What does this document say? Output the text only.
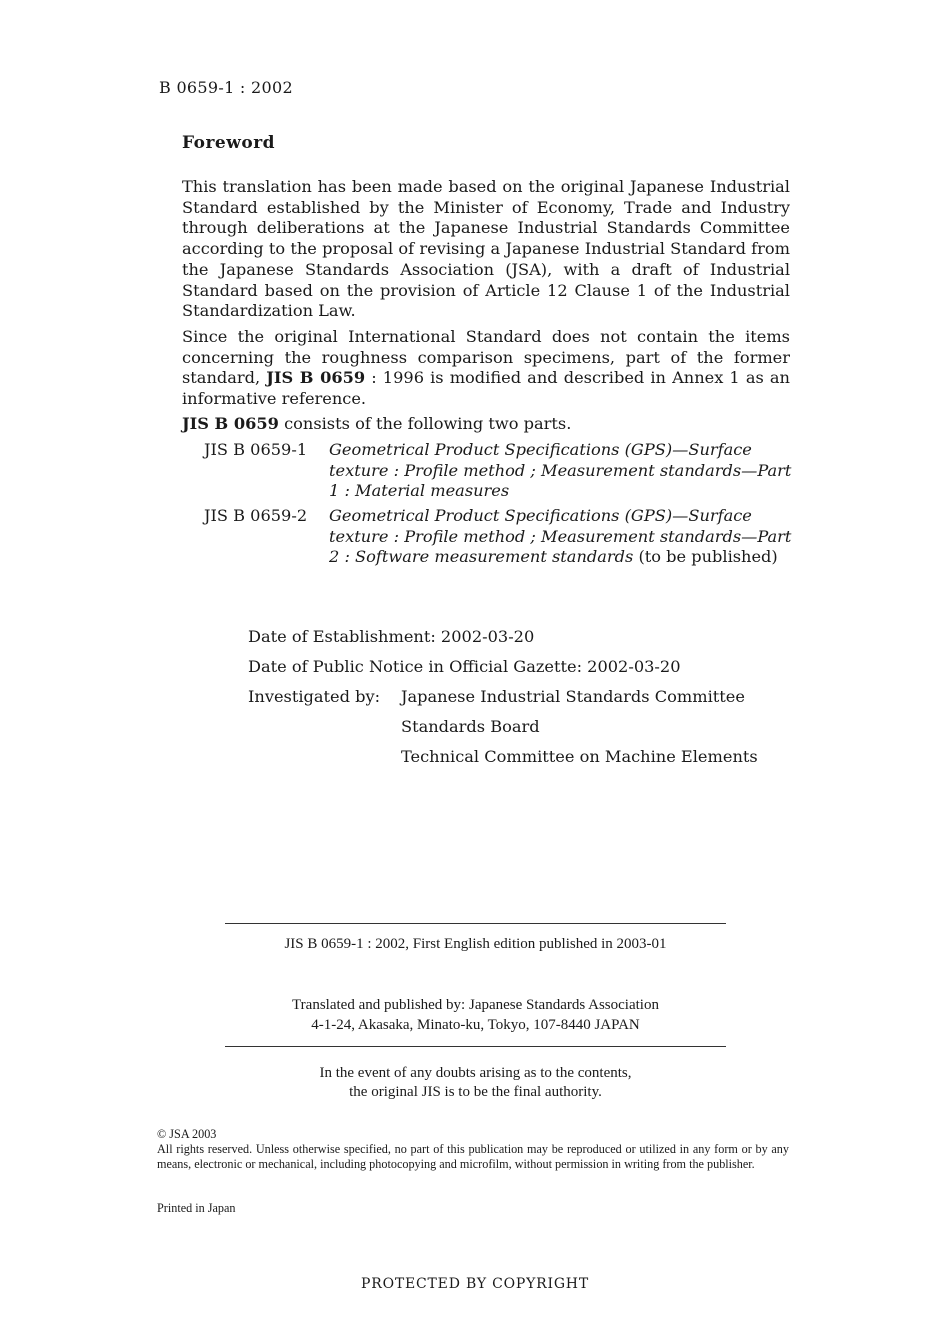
B 0659-1 : 2002
Foreword
This translation has been made based on the original Japanese Industrial Standard established by the Minister of Economy, Trade and Industry through deliberations at the Japanese Industrial Standards Committee according to the proposal of revising a Japanese Industrial Standard from the Japanese Standards Association (JSA), with a draft of Industrial Standard based on the provision of Article 12 Clause 1 of the Industrial Standardization Law.
Since the original International Standard does not contain the items concerning the roughness comparison specimens, part of the former standard, JIS B 0659 : 1996 is modified and described in Annex 1 as an informative reference.
JIS B 0659 consists of the following two parts.
JIS B 0659-1	Geometrical Product Specifications (GPS)—Surface texture : Profile method ; Measurement standards—Part 1 : Material measures
JIS B 0659-2	Geometrical Product Specifications (GPS)—Surface texture : Profile method ; Measurement standards—Part 2 : Software measurement standards (to be published)
Date of Establishment: 2002-03-20
Date of Public Notice in Official Gazette: 2002-03-20
Investigated by:	Japanese Industrial Standards Committee
Standards Board
Technical Committee on Machine Elements
JIS B 0659-1 : 2002, First English edition published in 2003-01
Translated and published by: Japanese Standards Association
4-1-24, Akasaka, Minato-ku, Tokyo, 107-8440 JAPAN
In the event of any doubts arising as to the contents,
the original JIS is to be the final authority.
© JSA 2003
All rights reserved. Unless otherwise specified, no part of this publication may be reproduced or utilized in any form or by any means, electronic or mechanical, including photocopying and microfilm, without permission in writing from the publisher.
Printed in Japan
PROTECTED BY COPYRIGHT
